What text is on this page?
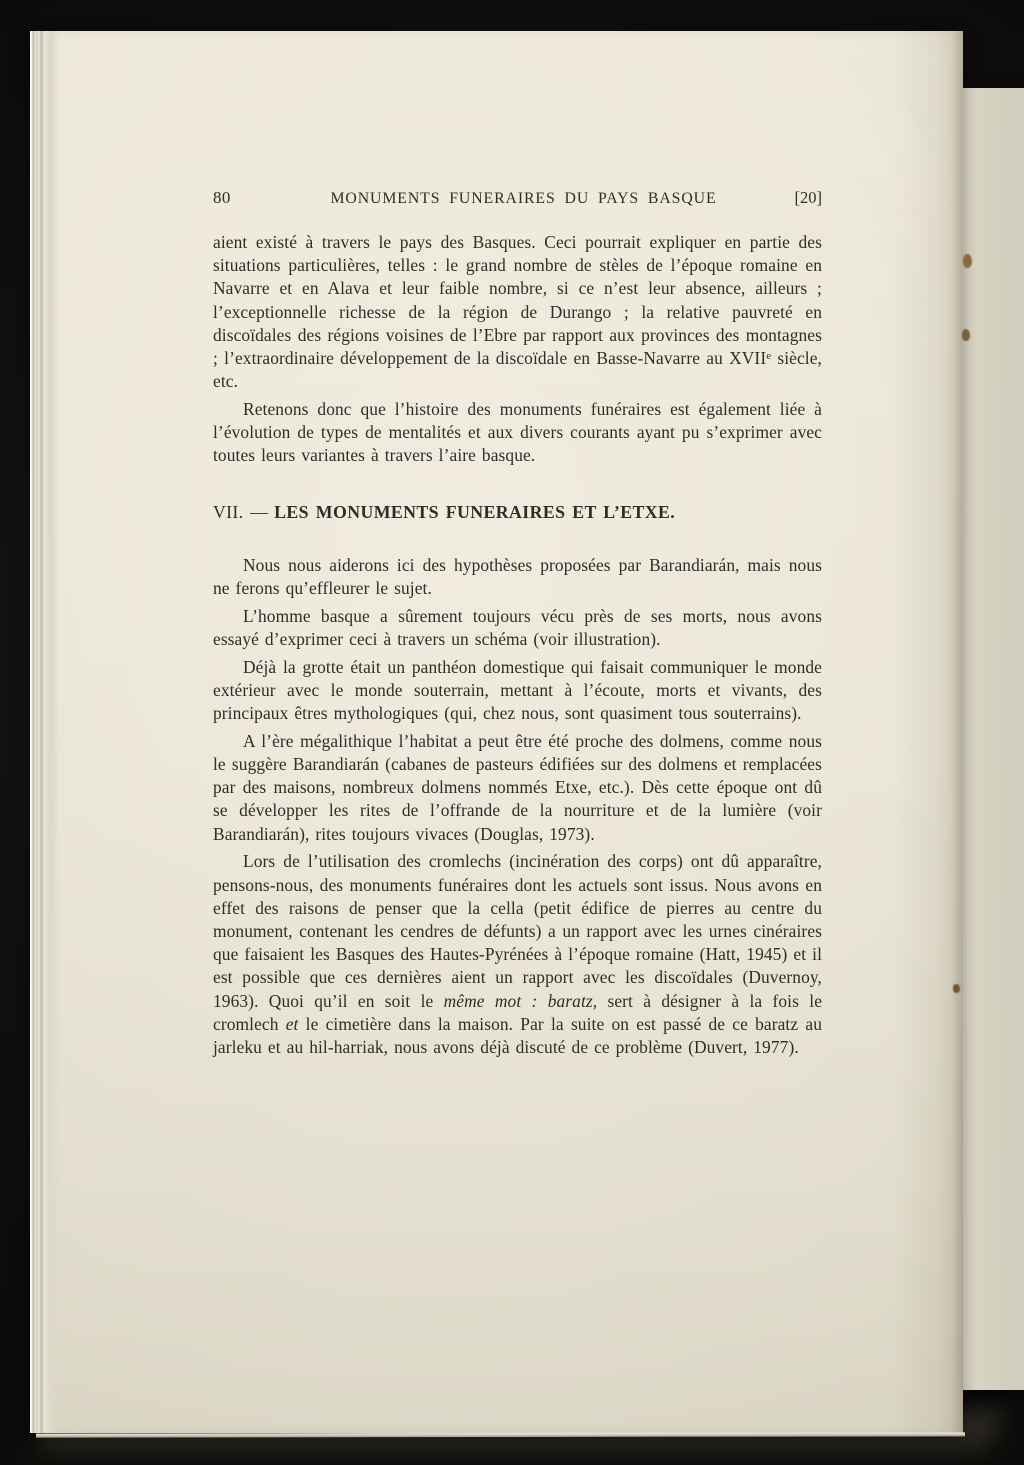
80	MONUMENTS FUNERAIRES DU PAYS BASQUE	[20]

aient existé à travers le pays des Basques. Ceci pourrait expliquer en partie des situations particulières, telles : le grand nombre de stèles de l’époque romaine en Navarre et en Alava et leur faible nombre, si ce n’est leur absence, ailleurs ; l’exceptionnelle richesse de la région de Durango ; la relative pauvreté en discoïdales des régions voisines de l’Ebre par rapport aux provinces des montagnes ; l’extraordinaire développement de la discoïdale en Basse-Navarre au XVIIe siècle, etc.

Retenons donc que l’histoire des monuments funéraires est également liée à l’évolution de types de mentalités et aux divers courants ayant pu s’exprimer avec toutes leurs variantes à travers l’aire basque.

VII. — LES MONUMENTS FUNERAIRES ET L’ETXE.

Nous nous aiderons ici des hypothèses proposées par Barandiarán, mais nous ne ferons qu’effleurer le sujet.

L’homme basque a sûrement toujours vécu près de ses morts, nous avons essayé d’exprimer ceci à travers un schéma (voir illustration).

Déjà la grotte était un panthéon domestique qui faisait communiquer le monde extérieur avec le monde souterrain, mettant à l’écoute, morts et vivants, des principaux êtres mythologiques (qui, chez nous, sont quasiment tous souterrains).

A l’ère mégalithique l’habitat a peut être été proche des dolmens, comme nous le suggère Barandiarán (cabanes de pasteurs édifiées sur des dolmens et remplacées par des maisons, nombreux dolmens nommés Etxe, etc.). Dès cette époque ont dû se développer les rites de l’offrande de la nourriture et de la lumière (voir Barandiarán), rites toujours vivaces (Douglas, 1973).

Lors de l’utilisation des cromlechs (incinération des corps) ont dû apparaître, pensons-nous, des monuments funéraires dont les actuels sont issus. Nous avons en effet des raisons de penser que la cella (petit édifice de pierres au centre du monument, contenant les cendres de défunts) a un rapport avec les urnes cinéraires que faisaient les Basques des Hautes-Pyrénées à l’époque romaine (Hatt, 1945) et il est possible que ces dernières aient un rapport avec les discoïdales (Duvernoy, 1963). Quoi qu’il en soit le même mot : baratz, sert à désigner à la fois le cromlech et le cimetière dans la maison. Par la suite on est passé de ce baratz au jarleku et au hil-harriak, nous avons déjà discuté de ce problème (Duvert, 1977).
